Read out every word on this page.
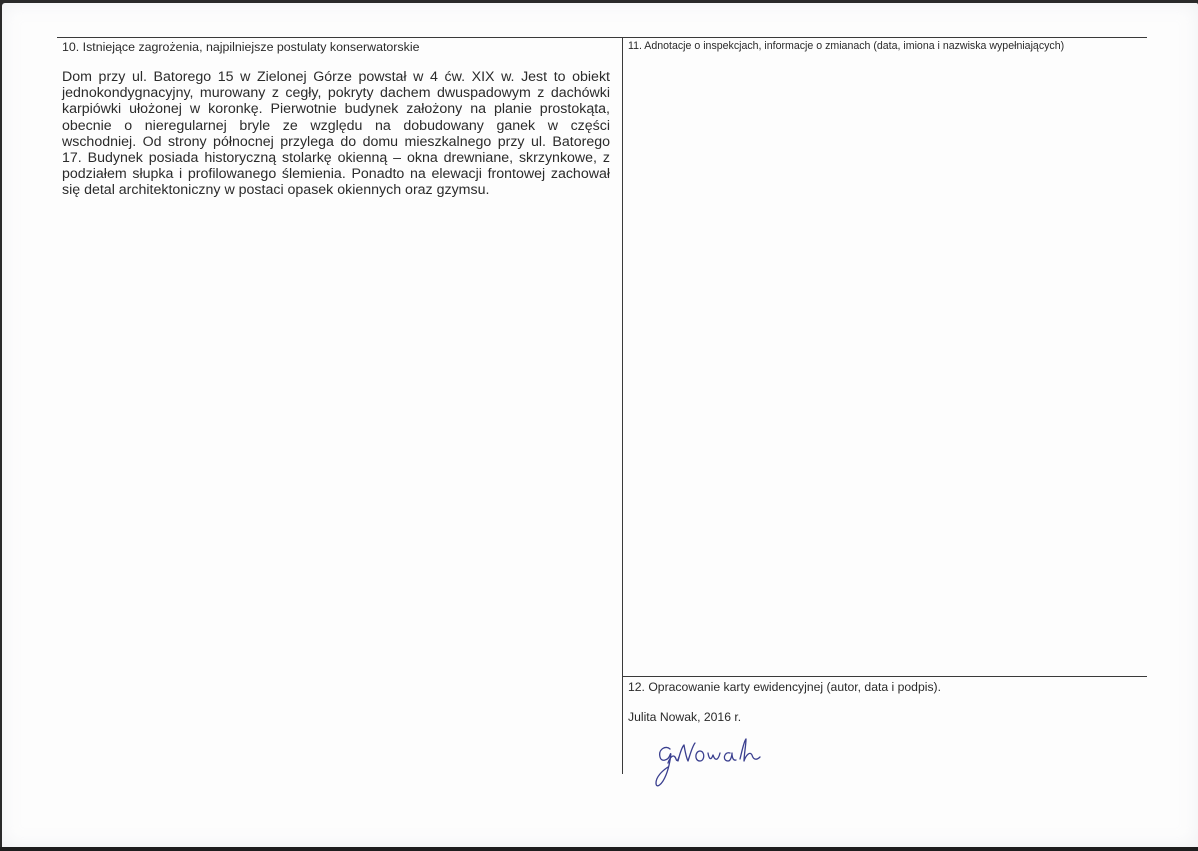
10. Istniejące zagrożenia, najpilniejsze postulaty konserwatorskie
Dom przy ul. Batorego 15 w Zielonej Górze powstał w 4 ćw. XIX w. Jest to obiekt
jednokondygnacyjny, murowany z cegły, pokryty dachem dwuspadowym z dachówki
karpiówki ułożonej w koronkę. Pierwotnie budynek założony na planie prostokąta,
obecnie o nieregularnej bryle ze względu na dobudowany ganek w części
wschodniej. Od strony północnej przylega do domu mieszkalnego przy ul. Batorego
17. Budynek posiada historyczną stolarkę okienną – okna drewniane, skrzynkowe, z
podziałem słupka i profilowanego ślemienia. Ponadto na elewacji frontowej zachował
się detal architektoniczny w postaci opasek okiennych oraz gzymsu.
11. Adnotacje o inspekcjach, informacje o zmianach (data, imiona i nazwiska wypełniających)
12. Opracowanie karty ewidencyjnej (autor, data i podpis).
Julita Nowak, 2016 r.
